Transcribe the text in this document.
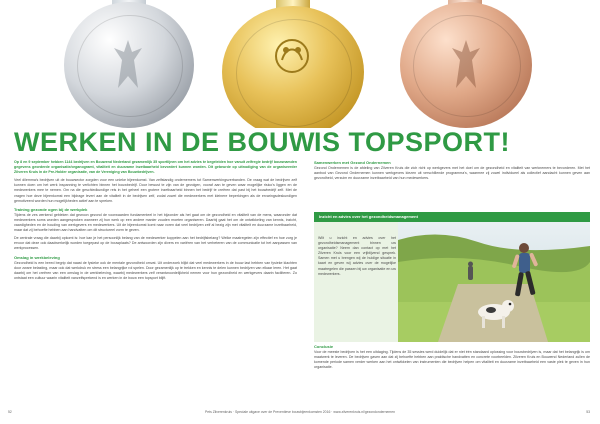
WERKEN IN DE BOUW IS TOPSPORT!

Op 8 en 9 september hebben 1144 bedrijven en Bouwend Nederland gezamenlijk 35 sportlijnen om het advies te begeleiden hoe vanuit zelfregie bedrijf bouwnamden gegevens georderde organisatie/organogramt, vitaliteit en duurzame inzetbaarheid bevordert kunnen worden. Dit gebeurde op uitnodiging van de organiseerder Zilveren Kruis in de Pre-Holder organisatie, van de Vereniging van Bouwbedrijven.

Veel dilemma's bedrijven uit de bouwsector zorgden voor een unieke bijeenkomst. Van zelfstandig ondernemers tot Samenwerkingsverbanden. De vraag wat de bedrijven zelf kunnen doen om het werk inspanning te verlichten binnen het bouwbedrijf. Door bewust te zijn van de gevolgen, vooraf aan te geven waar mogelijke risico's liggen en de medewerkers mee te nemen. Om na die geschiedkundige reis in het geheel een grotere inzetbaarheid binnen het bedrijf te creëren dat past bij het bouwbedrijf zelf. Met de vragen hoe deze bijeenkomst een bijdrage levert aan de vitaliteit in de bedrijven zelf, zodat zowel die medewerkers met kleinere beperkingen als de ervaringsdeskundigen gemotiveerd worden hun mogelijkheden actief aan te spreken.

Training gezonde ogen bij de werkplek

Tijdens de zes werkend gebleken dat gewoon gezond de voorwaarden fundamenteel in het bijzonder als het gaat om de gezondheid en vitaliteit van de mens, waaronder dat medewerkers soms worden aangesproken wanneer zij hun werk op een andere manier zouden moeten organiseren. Daarbij gaat het om de ontwikkeling van kennis, inzicht, vaardigheden en de houding van werkgevers en medewerkers. Uit de bijeenkomst komt naar voren dat veel bedrijven zelf al bezig zijn met vitaliteit en duurzame inzetbaarheid, maar dat zij behoefte hebben aan handvatten om dit structureel vorm te geven.

De centrale vraag die daarbij opkomt is: hoe kan je het persoonlijk belang van de medewerker koppelen aan het bedrijfsbelang? Welke maatregelen zijn effectief en hoe zorg je ervoor dat deze ook daadwerkelijk worden toegepast op de bouwplaats? De antwoorden zijn divers en variëren van het verbeteren van de communicatie tot het aanpassen van werkprocessen.

Omslag in werkbeleving

Gezondheid is een breed begrip dat naast de fysieke ook de mentale gezondheid omvat. Uit onderzoek blijkt dat veel medewerkers in de bouw last hebben van fysieke klachten door zware belasting, maar ook dat werkdruk en stress een belangrijke rol spelen. Door gezamenlijk op te trekken en kennis te delen kunnen bedrijven van elkaar leren. Het gaat daarbij om het creëren van een omslag in de werkbeleving, waarbij medewerkers zelf verantwoordelijkheid nemen voor hun gezondheid en werkgevers daarin faciliteren. Zo ontstaat een cultuur waarin vitaliteit vanzelfsprekend is en werken in de bouw een topsport blijft.

Samenwerken met Gezond Ondernemen

Gezond Ondernemen is de afdeling van Zilveren Kruis die zich richt op werkgevers met het doel om de gezondheid en vitaliteit van werknemers te bevorderen. Met het aanbod van Gezond Ondernemen kunnen werkgevers kiezen uit verschillende programma's, waarmee zij zowel individueel als collectief aandacht kunnen geven aan gezondheid, verzuim en duurzame inzetbaarheid van hun medewerkers.

Inzicht en advies over het gezondheidsmanagement
Wilt u inzicht en advies over het gezondheidsmanagement binnen uw organisatie? Neem dan contact op met het Zilveren Kruis voor een vrijblijvend gesprek. Samen met u brengen wij de huidige situatie in kaart en geven wij advies over de mogelijke maatregelen die passen bij uw organisatie en uw medewerkers.
Conclusie

Voor de meeste bedrijven is het een uitdaging. Tijdens de 35 sessies werd duidelijk dat er niet één standaard oplossing voor bouwbedrijven is, maar dat het belangrijk is om maatwerk te leveren. De bedrijven gaven aan dat zij behoefte hebben aan praktische handvatten en concrete voorbeelden. Zilveren Kruis en Bouwend Nederland zullen de komende periode samen verder werken aan het ontwikkelen van instrumenten die bedrijven helpen om vitaliteit en duurzame inzetbaarheid een vaste plek te geven in hun organisatie.

52	Pets Zilverenkruis · Speciale uitgave over de Preventieve bouwbijeenkomsten 2016 · www.zilverenkruis.nl/gezondondernemen	53
